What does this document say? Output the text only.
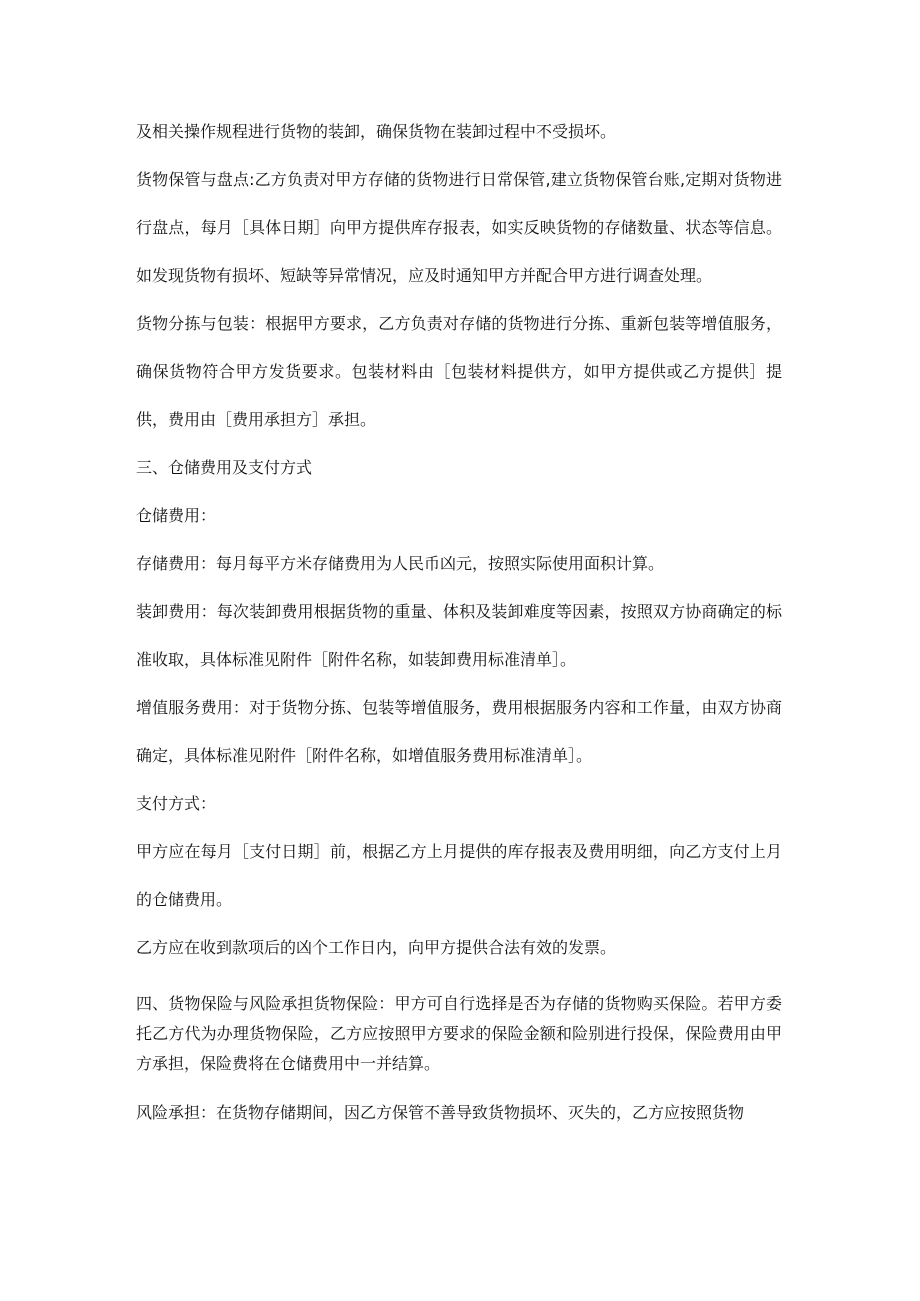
及相关操作规程进行货物的装卸，确保货物在装卸过程中不受损坏。

货物保管与盘点:乙方负责对甲方存储的货物进行日常保管,建立货物保管台账,定期对货物进行盘点，每月［具体日期］向甲方提供库存报表，如实反映货物的存储数量、状态等信息。如发现货物有损坏、短缺等异常情况，应及时通知甲方并配合甲方进行调查处理。

货物分拣与包装：根据甲方要求，乙方负责对存储的货物进行分拣、重新包装等增值服务，确保货物符合甲方发货要求。包装材料由［包装材料提供方，如甲方提供或乙方提供］提供，费用由［费用承担方］承担。

三、仓储费用及支付方式

仓储费用：

存储费用：每月每平方米存储费用为人民币凶元，按照实际使用面积计算。

装卸费用：每次装卸费用根据货物的重量、体积及装卸难度等因素，按照双方协商确定的标准收取，具体标准见附件［附件名称，如装卸费用标准清单］。

增值服务费用：对于货物分拣、包装等增值服务，费用根据服务内容和工作量，由双方协商确定，具体标准见附件［附件名称，如增值服务费用标准清单］。

支付方式：

甲方应在每月［支付日期］前，根据乙方上月提供的库存报表及费用明细，向乙方支付上月的仓储费用。

乙方应在收到款项后的凶个工作日内，向甲方提供合法有效的发票。

四、货物保险与风险承担货物保险：甲方可自行选择是否为存储的货物购买保险。若甲方委托乙方代为办理货物保险，乙方应按照甲方要求的保险金额和险别进行投保，保险费用由甲方承担，保险费将在仓储费用中一并结算。

风险承担：在货物存储期间，因乙方保管不善导致货物损坏、灭失的，乙方应按照货物
